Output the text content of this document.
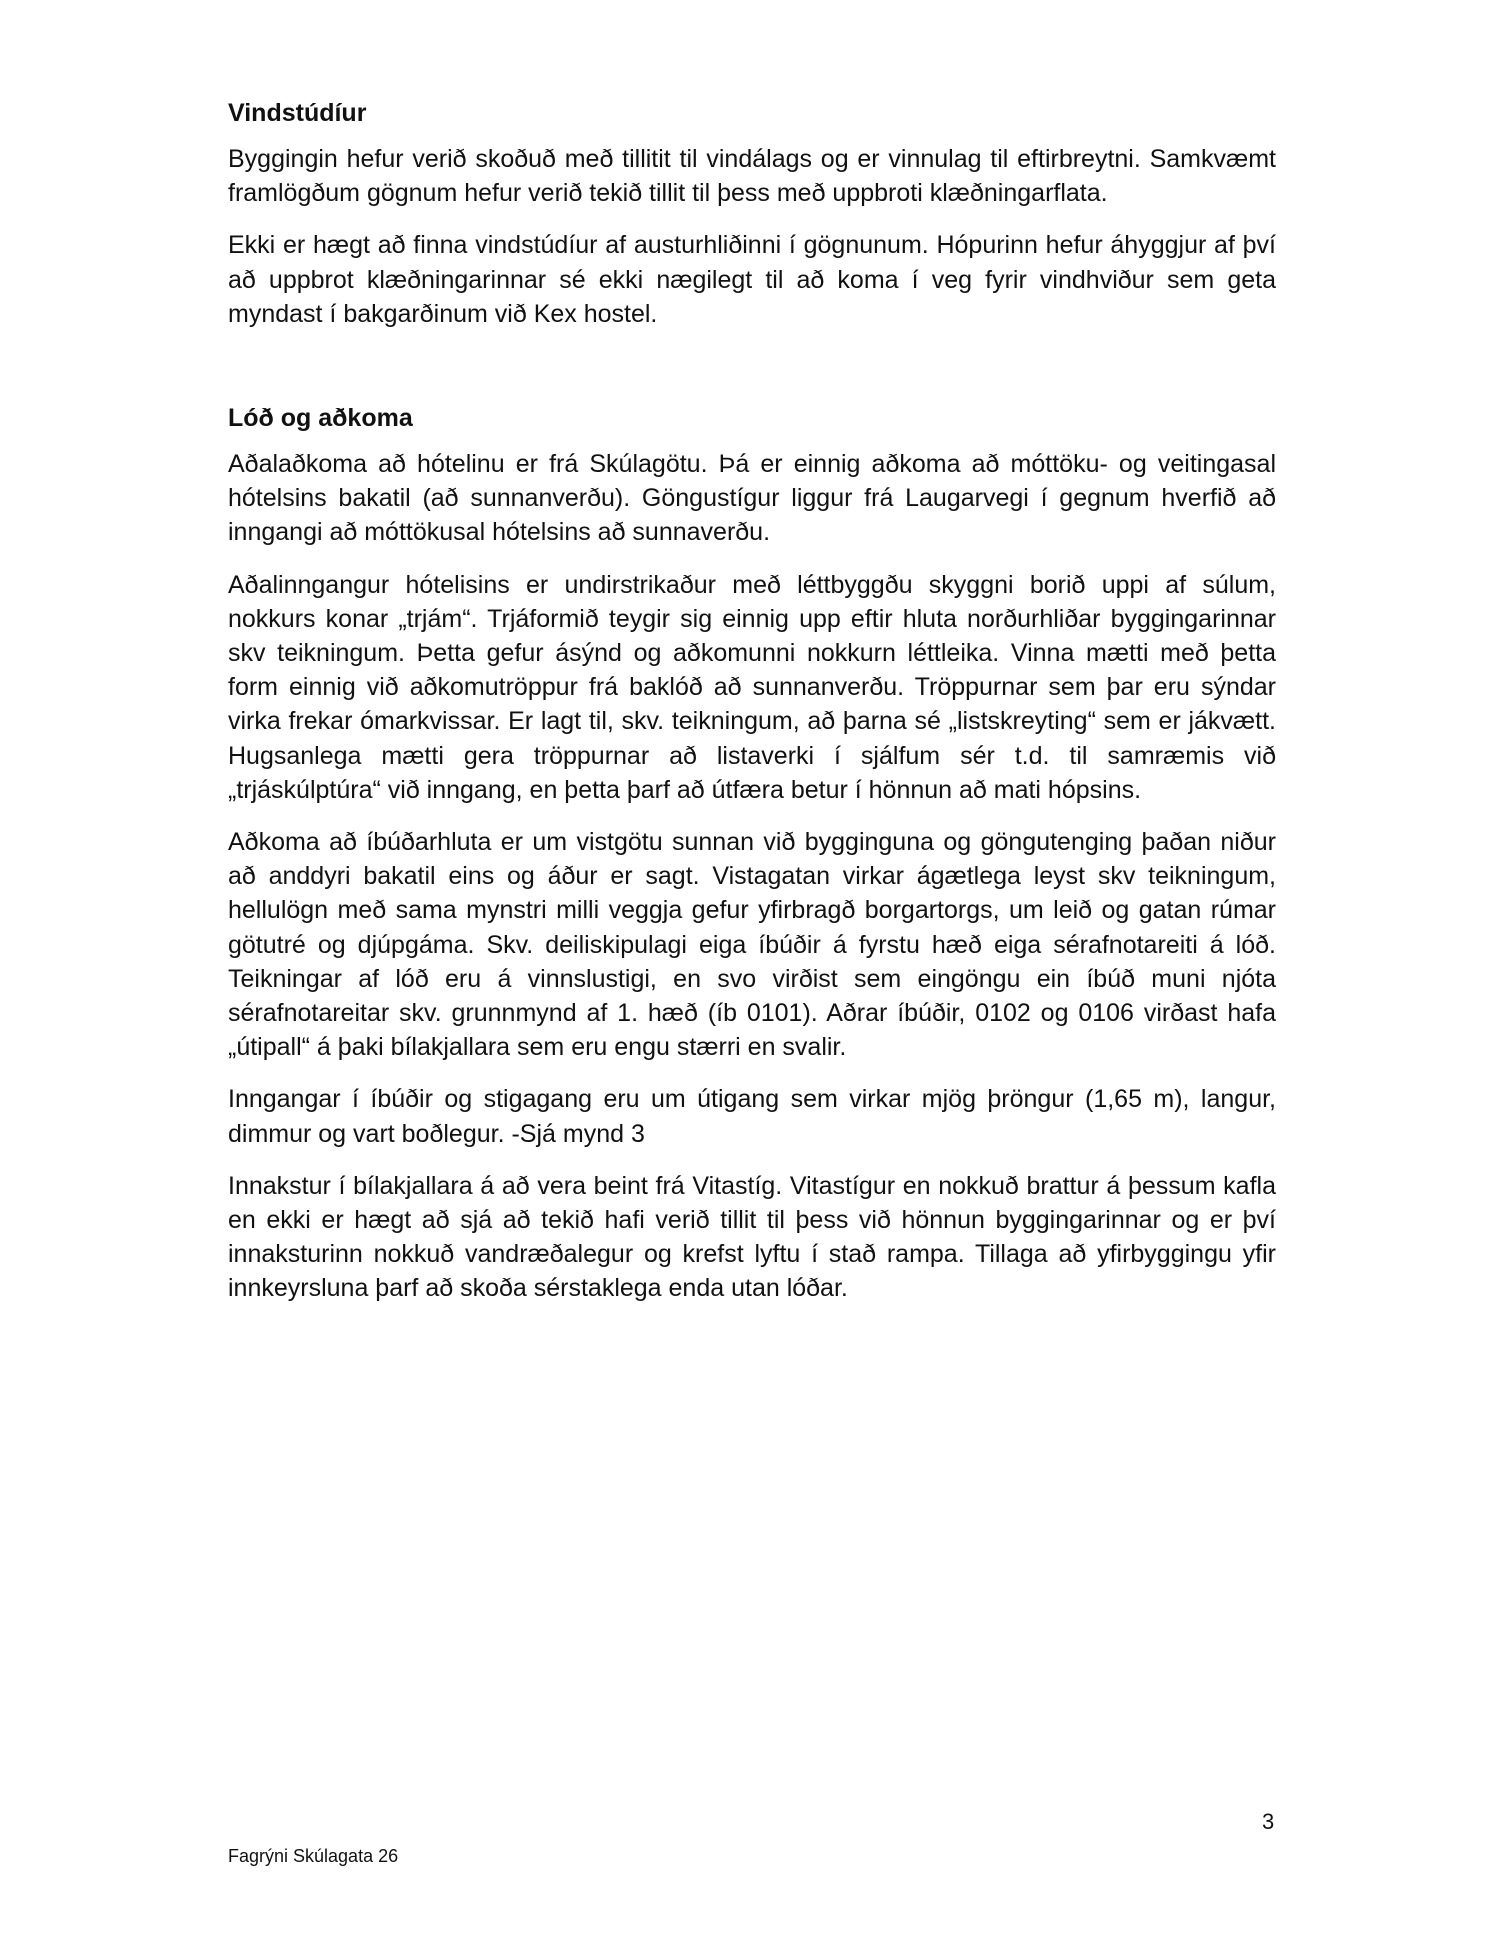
Vindstúdíur

Byggingin hefur verið skoðuð með tillitit til vindálags og er vinnulag til eftirbreytni. Samkvæmt framlögðum gögnum hefur verið tekið tillit til þess með uppbroti klæðningarflata.

Ekki er hægt að finna vindstúdíur af austurhliðinni í gögnunum. Hópurinn hefur áhyggjur af því að uppbrot klæðningarinnar sé ekki nægilegt til að koma í veg fyrir vindhviður sem geta myndast í bakgarðinum við Kex hostel.

Lóð og aðkoma

Aðalaðkoma að hótelinu er frá Skúlagötu. Þá er einnig aðkoma að móttöku- og veitingasal hótelsins bakatil (að sunnanverðu). Göngustígur liggur frá Laugarvegi í gegnum hverfið að inngangi að móttökusal hótelsins að sunnaverðu.

Aðalinngangur hótelisins er undirstrikaður með léttbyggðu skyggni borið uppi af súlum, nokkurs konar „trjám“. Trjáformið teygir sig einnig upp eftir hluta norðurhliðar byggingarinnar skv teikningum. Þetta gefur ásýnd og aðkomunni nokkurn léttleika. Vinna mætti með þetta form einnig við aðkomutröppur frá baklóð að sunnanverðu. Tröppurnar sem þar eru sýndar virka frekar ómarkvissar. Er lagt til, skv. teikningum, að þarna sé „listskreyting“ sem er jákvætt. Hugsanlega mætti gera tröppurnar að listaverki í sjálfum sér t.d. til samræmis við „trjáskúlptúra“ við inngang, en þetta þarf að útfæra betur í hönnun að mati hópsins.

Aðkoma að íbúðarhluta er um vistgötu sunnan við bygginguna og göngutenging þaðan niður að anddyri bakatil eins og áður er sagt. Vistagatan virkar ágætlega leyst skv teikningum, hellulögn með sama mynstri milli veggja gefur yfirbragð borgartorgs, um leið og gatan rúmar götutré og djúpgáma. Skv. deiliskipulagi eiga íbúðir á fyrstu hæð eiga sérafnotareiti á lóð. Teikningar af lóð eru á vinnslustigi, en svo virðist sem eingöngu ein íbúð muni njóta sérafnotareitar skv. grunnmynd af 1. hæð (íb 0101). Aðrar íbúðir, 0102 og 0106 virðast hafa „útipall“ á þaki bílakjallara sem eru engu stærri en svalir.

Inngangar í íbúðir og stigagang eru um útigang sem virkar mjög þröngur (1,65 m), langur, dimmur og vart boðlegur. -Sjá mynd 3

Innakstur í bílakjallara á að vera beint frá Vitastíg. Vitastígur en nokkuð brattur á þessum kafla en ekki er hægt að sjá að tekið hafi verið tillit til þess við hönnun byggingarinnar og er því innaksturinn nokkuð vandræðalegur og krefst lyftu í stað rampa. Tillaga að yfirbyggingu yfir innkeyrsluna þarf að skoða sérstaklega enda utan lóðar.

3
Fagrýni Skúlagata 26
